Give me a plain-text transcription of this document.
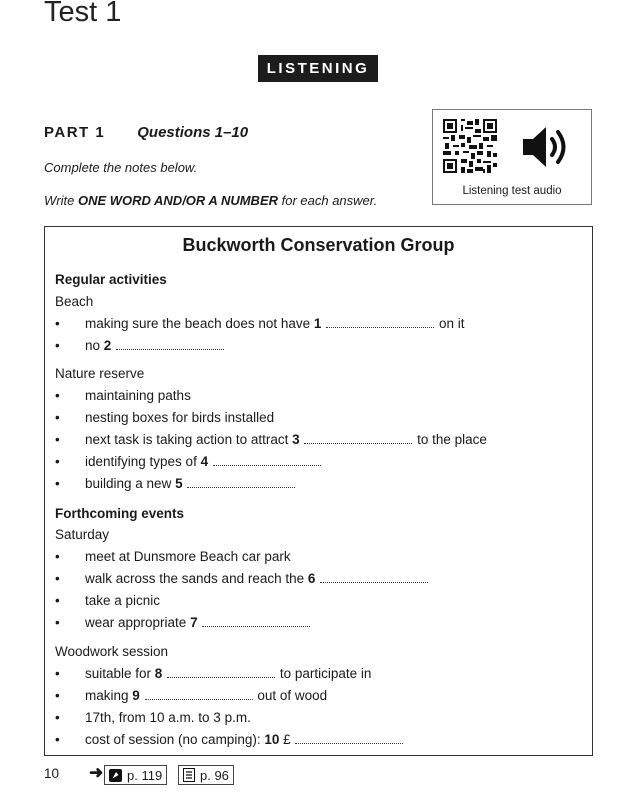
Test 1
LISTENING
PART 1 Questions 1–10
Complete the notes below.
Write ONE WORD AND/OR A NUMBER for each answer.
Listening test audio
Buckworth Conservation Group
Regular activities
Beach
• making sure the beach does not have 1	on it
• no 2
Nature reserve
• maintaining paths
• nesting boxes for birds installed
• next task is taking action to attract 3	to the place
• identifying types of 4
• building a new 5
Forthcoming events
Saturday
• meet at Dunsmore Beach car park
• walk across the sands and reach the 6
• take a picnic
• wear appropriate 7
Woodwork session
• suitable for 8	to participate in
• making 9	out of wood
• 17th, from 10 a.m. to 3 p.m.
• cost of session (no camping): 10 £
10 ➜ p. 119	p. 96
